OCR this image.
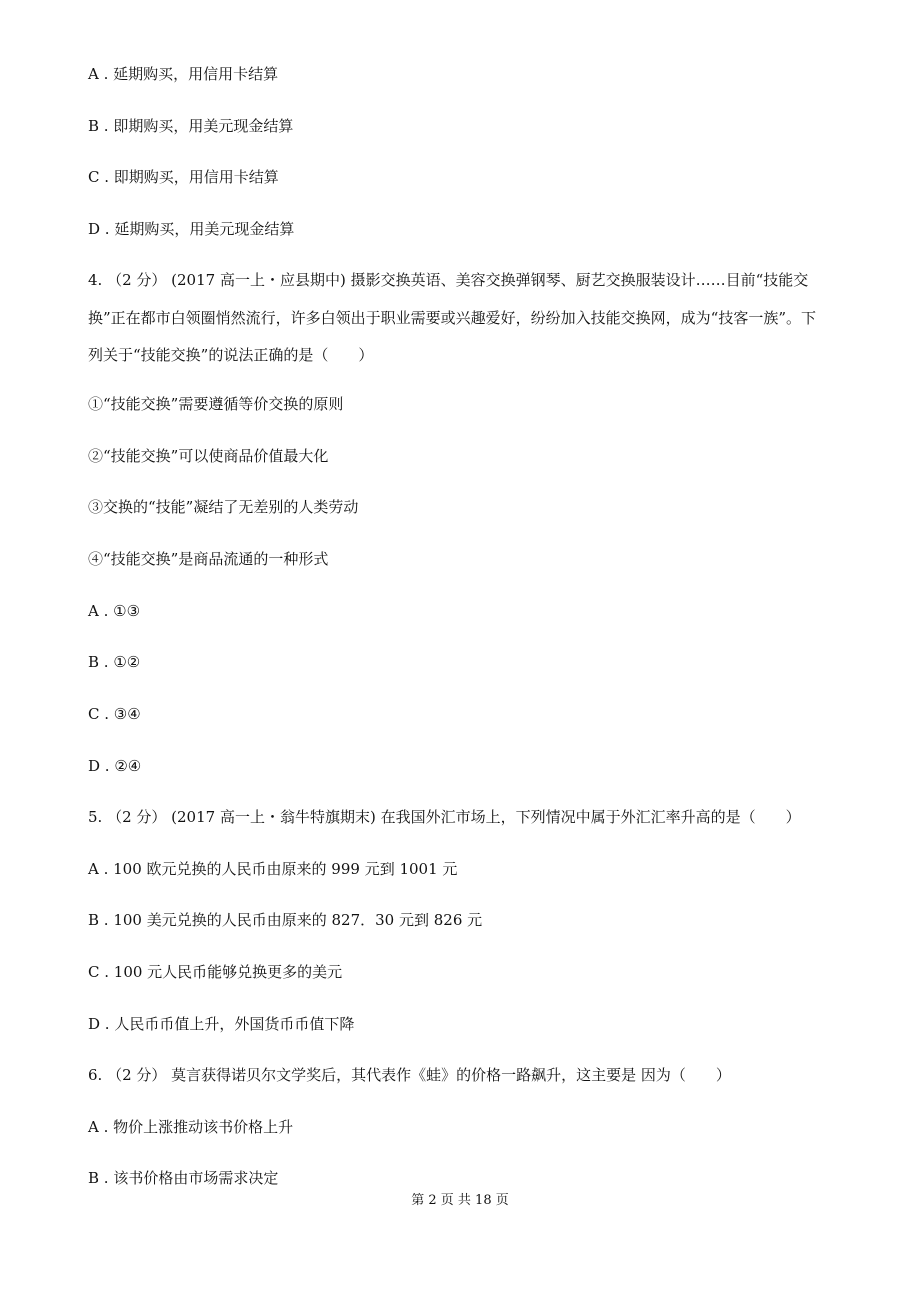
A . 延期购买，用信用卡结算
B . 即期购买，用美元现金结算
C . 即期购买，用信用卡结算
D . 延期购买，用美元现金结算
4. （2 分） (2017 高一上・应县期中) 摄影交换英语、美容交换弹钢琴、厨艺交换服装设计……目前“技能交
换”正在都市白领圈悄然流行，许多白领出于职业需要或兴趣爱好，纷纷加入技能交换网，成为“技客一族”。下
列关于“技能交换”的说法正确的是（　　）
①“技能交换”需要遵循等价交换的原则
②“技能交换”可以使商品价值最大化
③交换的“技能”凝结了无差别的人类劳动
④“技能交换”是商品流通的一种形式
A . ①③
B . ①②
C . ③④
D . ②④
5. （2 分） (2017 高一上・翁牛特旗期末) 在我国外汇市场上，下列情况中属于外汇汇率升高的是（　　）
A . 100 欧元兑换的人民币由原来的 999 元到 1001 元
B . 100 美元兑换的人民币由原来的 827．30 元到 826 元
C . 100 元人民币能够兑换更多的美元
D . 人民币币值上升，外国货币币值下降
6. （2 分） 莫言获得诺贝尔文学奖后，其代表作《蛙》的价格一路飙升，这主要是 因为（　　）
A . 物价上涨推动该书价格上升
B . 该书价格由市场需求决定
第 2 页 共 18 页
